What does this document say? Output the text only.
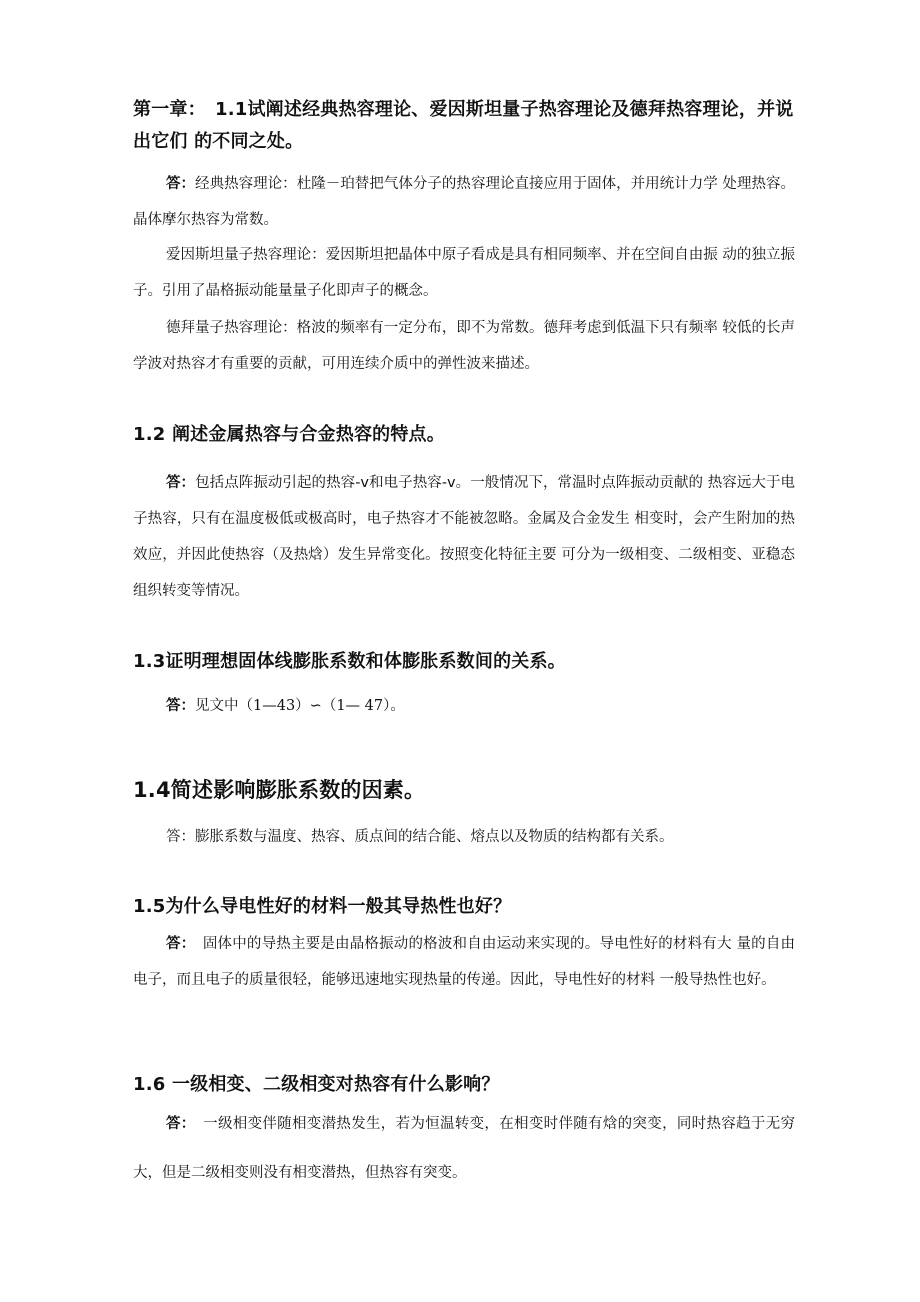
第一章：　1.1试阐述经典热容理论、爱因斯坦量子热容理论及德拜热容理论，并说出它们 的不同之处。

答：经典热容理论：杜隆－珀替把气体分子的热容理论直接应用于固体，并用统计力学 处理热容。晶体摩尔热容为常数。

爱因斯坦量子热容理论：爱因斯坦把晶体中原子看成是具有相同频率、并在空间自由振 动的独立振子。引用了晶格振动能量量子化即声子的概念。

德拜量子热容理论：格波的频率有一定分布，即不为常数。德拜考虑到低温下只有频率 较低的长声学波对热容才有重要的贡献，可用连续介质中的弹性波来描述。

1.2 阐述金属热容与合金热容的特点。

答：包括点阵振动引起的热容-v和电子热容-v。一般情况下，常温时点阵振动贡献的 热容远大于电子热容，只有在温度极低或极高时，电子热容才不能被忽略。金属及合金发生 相变时，会产生附加的热效应，并因此使热容（及热焓）发生异常变化。按照变化特征主要 可分为一级相变、二级相变、亚稳态组织转变等情况。

1.3证明理想固体线膨胀系数和体膨胀系数间的关系。

答：见文中（1—43）∽（1— 47）。

1.4简述影响膨胀系数的因素。

答：膨胀系数与温度、热容、质点间的结合能、熔点以及物质的结构都有关系。

1.5为什么导电性好的材料一般其导热性也好？

答：　固体中的导热主要是由晶格振动的格波和自由运动来实现的。导电性好的材料有大 量的自由电子，而且电子的质量很轻，能够迅速地实现热量的传递。因此，导电性好的材料 一般导热性也好。

1.6 一级相变、二级相变对热容有什么影响？

答：　一级相变伴随相变潜热发生，若为恒温转变，在相变时伴随有焓的突变，同时热容趋于无穷大，但是二级相变则没有相变潜热，但热容有突变。
